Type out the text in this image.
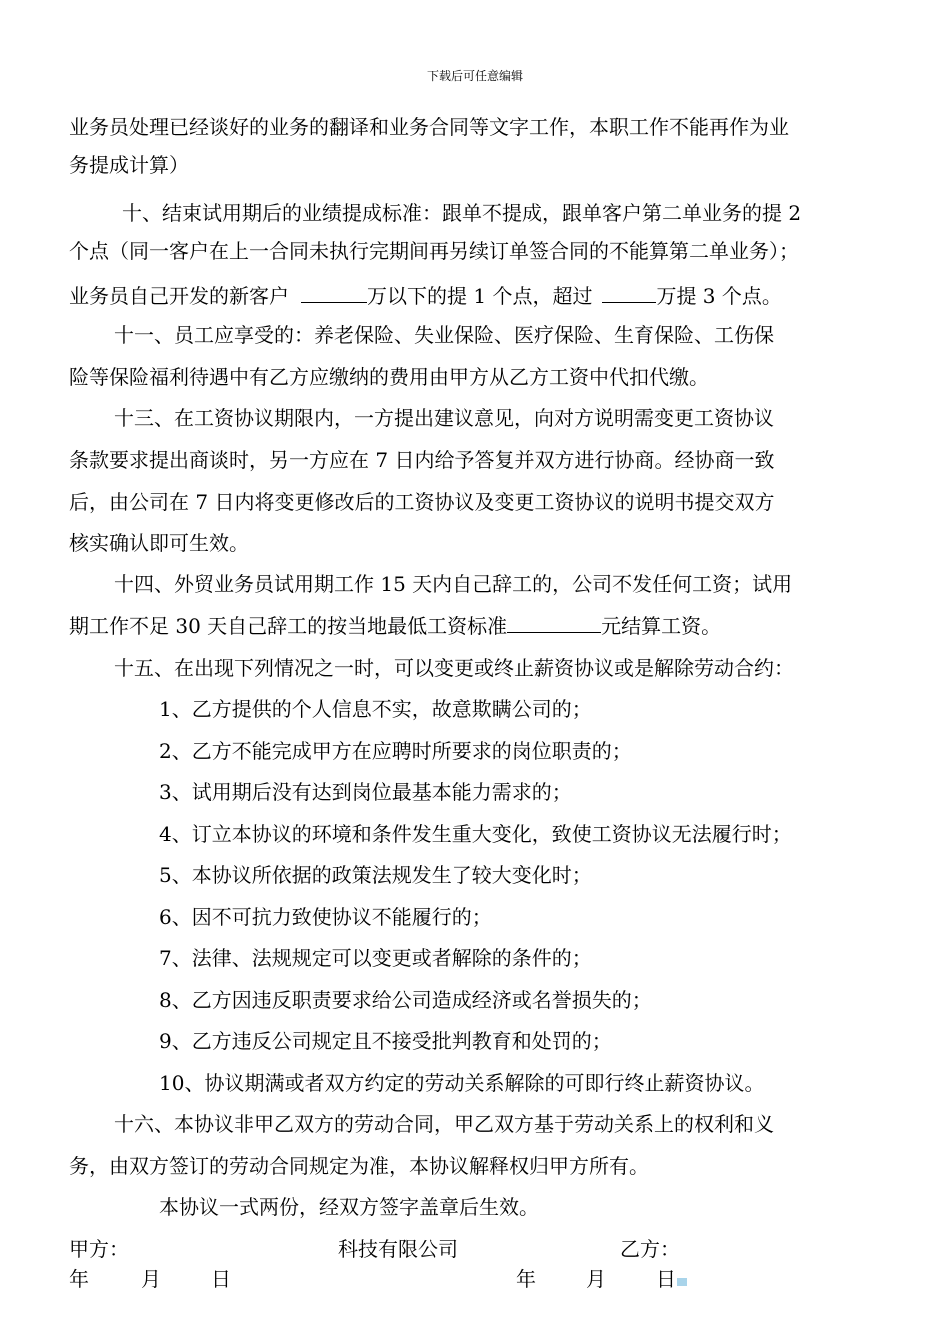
下载后可任意编辑
业务员处理已经谈好的业务的翻译和业务合同等文字工作，本职工作不能再作为业
务提成计算）
十、结束试用期后的业绩提成标准：跟单不提成，跟单客户第二单业务的提 2
个点（同一客户在上一合同未执行完期间再另续订单签合同的不能算第二单业务）；
业务员自己开发的新客户	万以下的提 1 个点，超过	万提 3 个点。
十一、员工应享受的：养老保险、失业保险、医疗保险、生育保险、工伤保
险等保险福利待遇中有乙方应缴纳的费用由甲方从乙方工资中代扣代缴。
十三、在工资协议期限内，一方提出建议意见，向对方说明需变更工资协议
条款要求提出商谈时，另一方应在 7 日内给予答复并双方进行协商。经协商一致
后，由公司在 7 日内将变更修改后的工资协议及变更工资协议的说明书提交双方
核实确认即可生效。
十四、外贸业务员试用期工作 15 天内自己辞工的，公司不发任何工资；试用
期工作不足 30 天自己辞工的按当地最低工资标准	元结算工资。
十五、在出现下列情况之一时，可以变更或终止薪资协议或是解除劳动合约：
1、乙方提供的个人信息不实，故意欺瞒公司的；
2、乙方不能完成甲方在应聘时所要求的岗位职责的；
3、试用期后没有达到岗位最基本能力需求的；
4、订立本协议的环境和条件发生重大变化，致使工资协议无法履行时；
5、本协议所依据的政策法规发生了较大变化时；
6、因不可抗力致使协议不能履行的；
7、法律、法规规定可以变更或者解除的条件的；
8、乙方因违反职责要求给公司造成经济或名誉损失的；
9、乙方违反公司规定且不接受批判教育和处罚的；
10、协议期满或者双方约定的劳动关系解除的可即行终止薪资协议。
十六、本协议非甲乙双方的劳动合同，甲乙双方基于劳动关系上的权利和义
务，由双方签订的劳动合同规定为准，本协议解释权归甲方所有。
本协议一式两份，经双方签字盖章后生效。
甲方：	科技有限公司	乙方：
年	月	日	年	月	日
